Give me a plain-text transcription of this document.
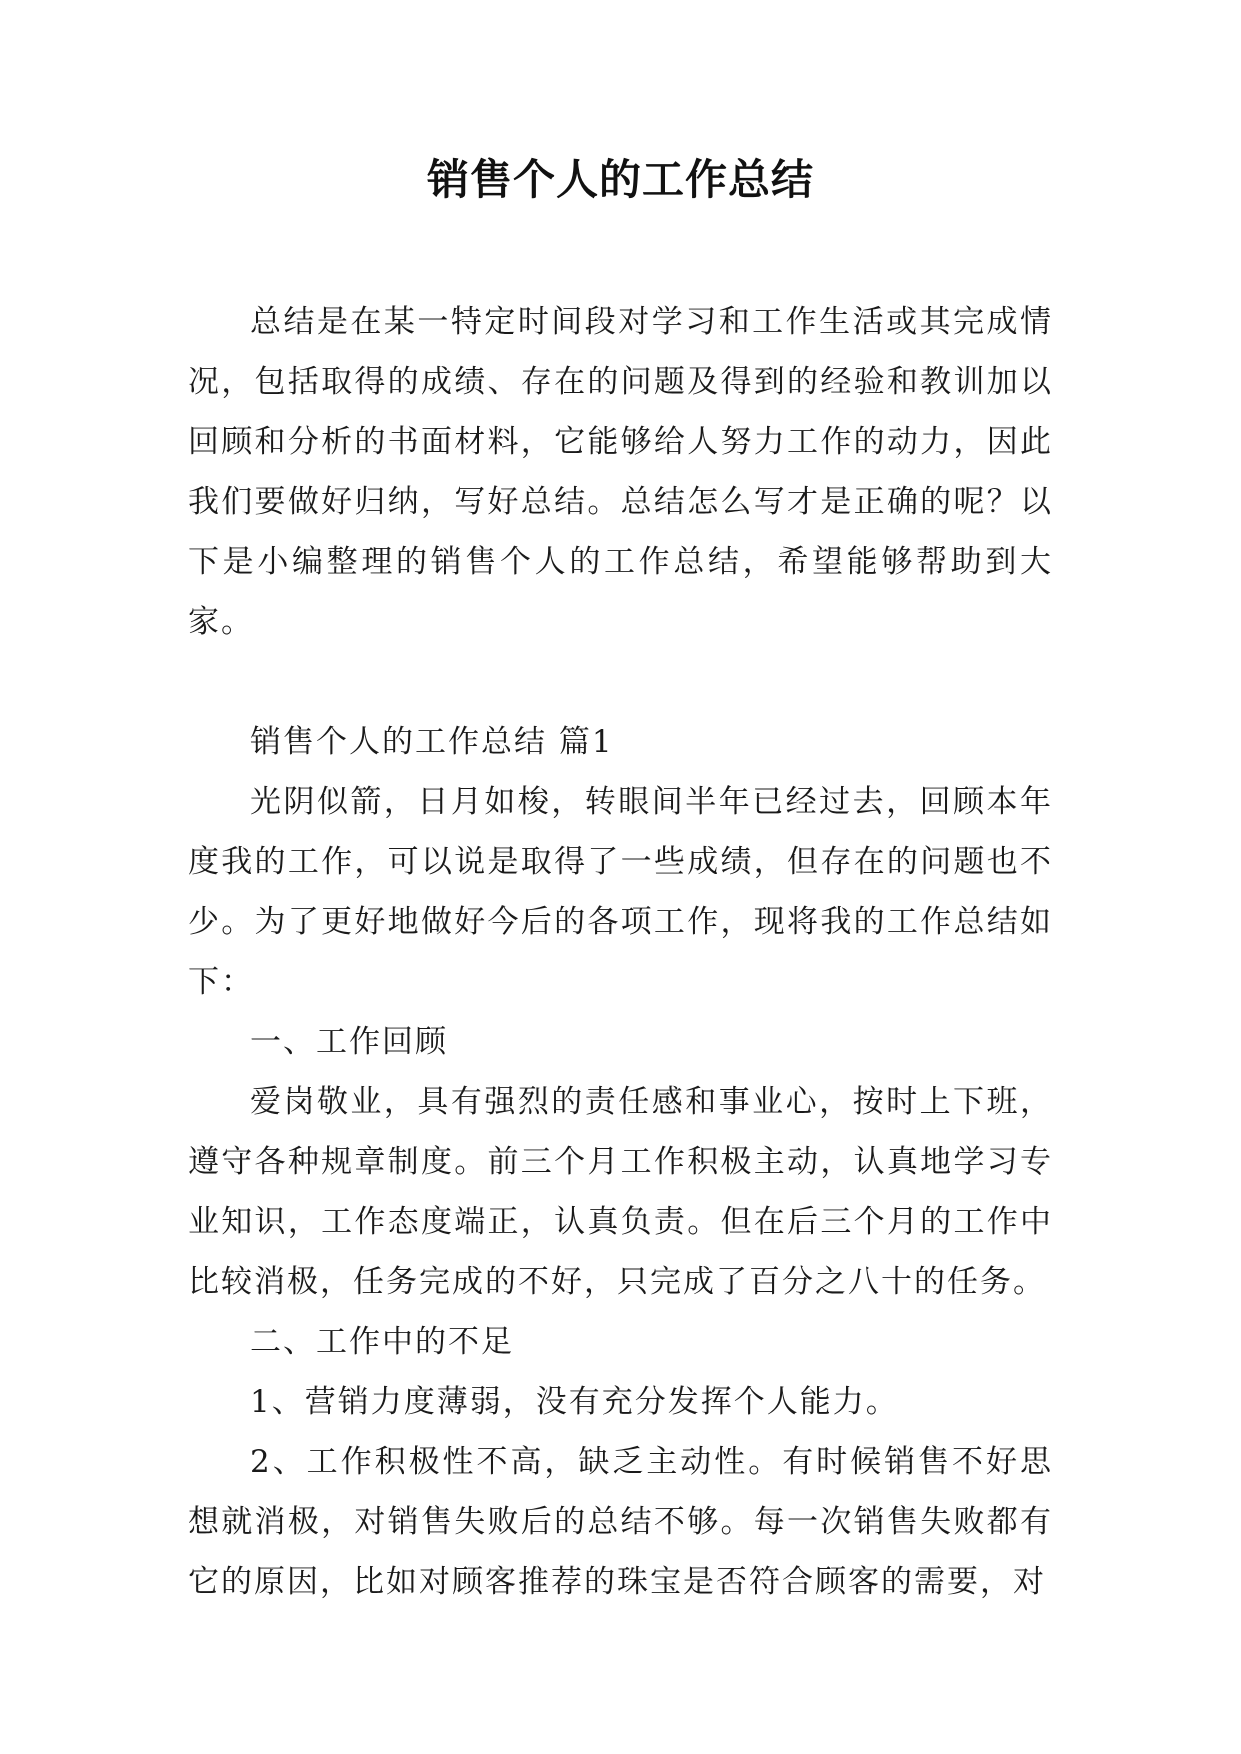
销售个人的工作总结

总结是在某一特定时间段对学习和工作生活或其完成情况，包括取得的成绩、存在的问题及得到的经验和教训加以回顾和分析的书面材料，它能够给人努力工作的动力，因此我们要做好归纳，写好总结。总结怎么写才是正确的呢？以下是小编整理的销售个人的工作总结，希望能够帮助到大家。

销售个人的工作总结 篇1

光阴似箭，日月如梭，转眼间半年已经过去，回顾本年度我的工作，可以说是取得了一些成绩，但存在的问题也不少。为了更好地做好今后的各项工作，现将我的工作总结如下：

一、工作回顾

爱岗敬业，具有强烈的责任感和事业心，按时上下班，遵守各种规章制度。前三个月工作积极主动，认真地学习专业知识，工作态度端正，认真负责。但在后三个月的工作中比较消极，任务完成的不好，只完成了百分之八十的任务。

二、工作中的不足

1、营销力度薄弱，没有充分发挥个人能力。

2、工作积极性不高，缺乏主动性。有时候销售不好思想就消极，对销售失败后的总结不够。每一次销售失败都有它的原因，比如对顾客推荐的珠宝是否符合顾客的需要，对
